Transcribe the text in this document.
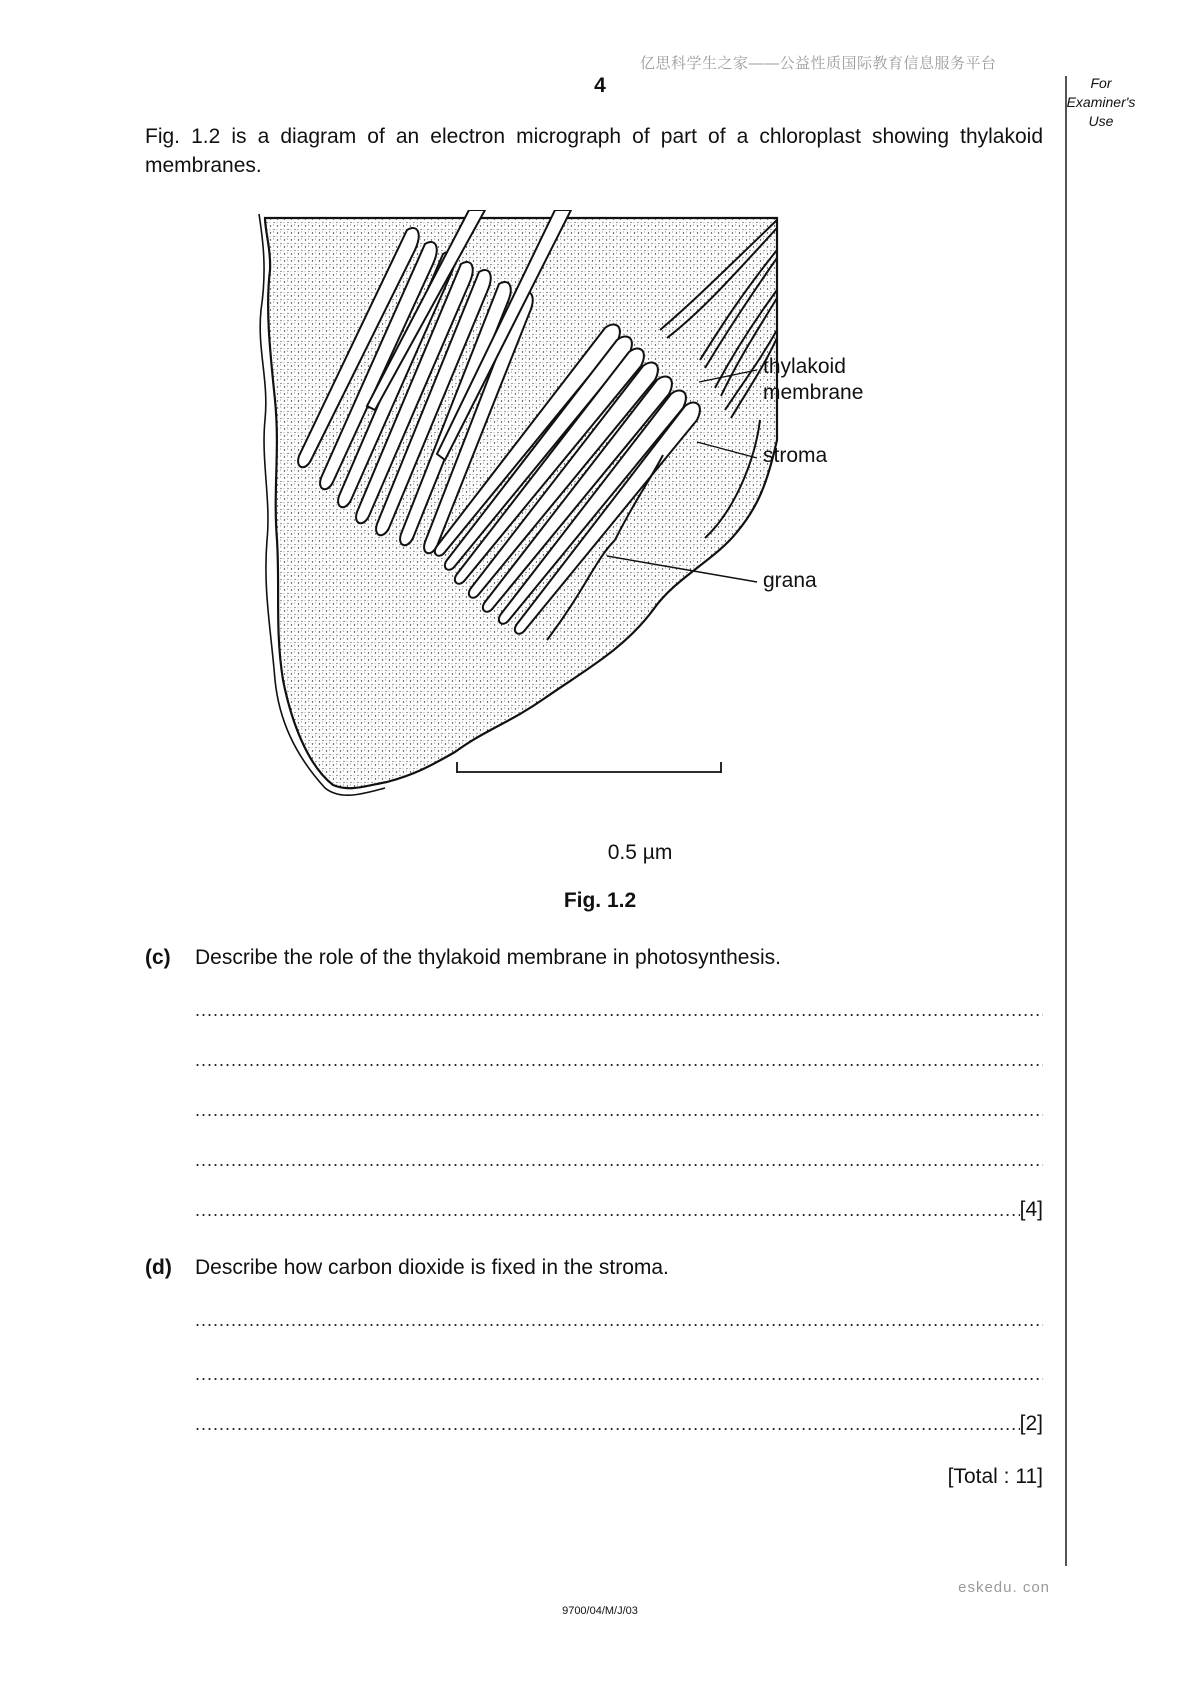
亿思科学生之家——公益性质国际教育信息服务平台
4	For
Examiner's
Use
Fig. 1.2 is a diagram of an electron micrograph of part of a chloroplast showing thylakoid membranes.
thylakoid
membrane
stroma
grana
0.5 µm
Fig. 1.2
(c) Describe the role of the thylakoid membrane in photosynthesis.
.....
.....
.....
.....
.....
[4]
(d) Describe how carbon dioxide is fixed in the stroma.
.....
.....
.....
[2]
[Total : 11]
eskedu. con
9700/04/M/J/03
